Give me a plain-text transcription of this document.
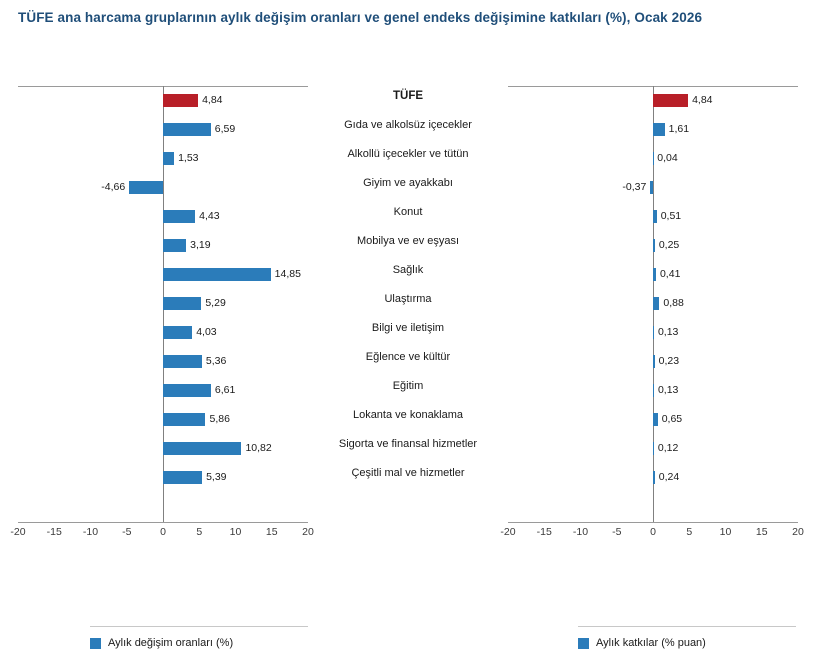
TÜFE ana harcama gruplarının aylık değişim oranları ve genel endeks değişimine katkıları (%), Ocak 2026
4,84
6,59
1,53
-4,66
4,43
3,19
14,85
5,29
4,03
5,36
6,61
5,86
10,82
5,39
-20 -15 -10 -5	0	5	10 15 20
TÜFE
Gıda ve alkolsüz içecekler
Alkollü içecekler ve tütün
Giyim ve ayakkabı
Konut
Mobilya ve ev eşyası
Sağlık
Ulaştırma
Bilgi ve iletişim
Eğlence ve kültür
Eğitim
Lokanta ve konaklama
Sigorta ve finansal hizmetler
Çeşitli mal ve hizmetler
4,84
1,61
0,04
-0,37
0,51
0,25
0,41
0,88
0,13
0,23
0,13
0,65
0,12
0,24
-20 -15 -10 -5	0	5	10 15 20
Aylık değişim oranları (%)	Aylık katkılar (% puan)
